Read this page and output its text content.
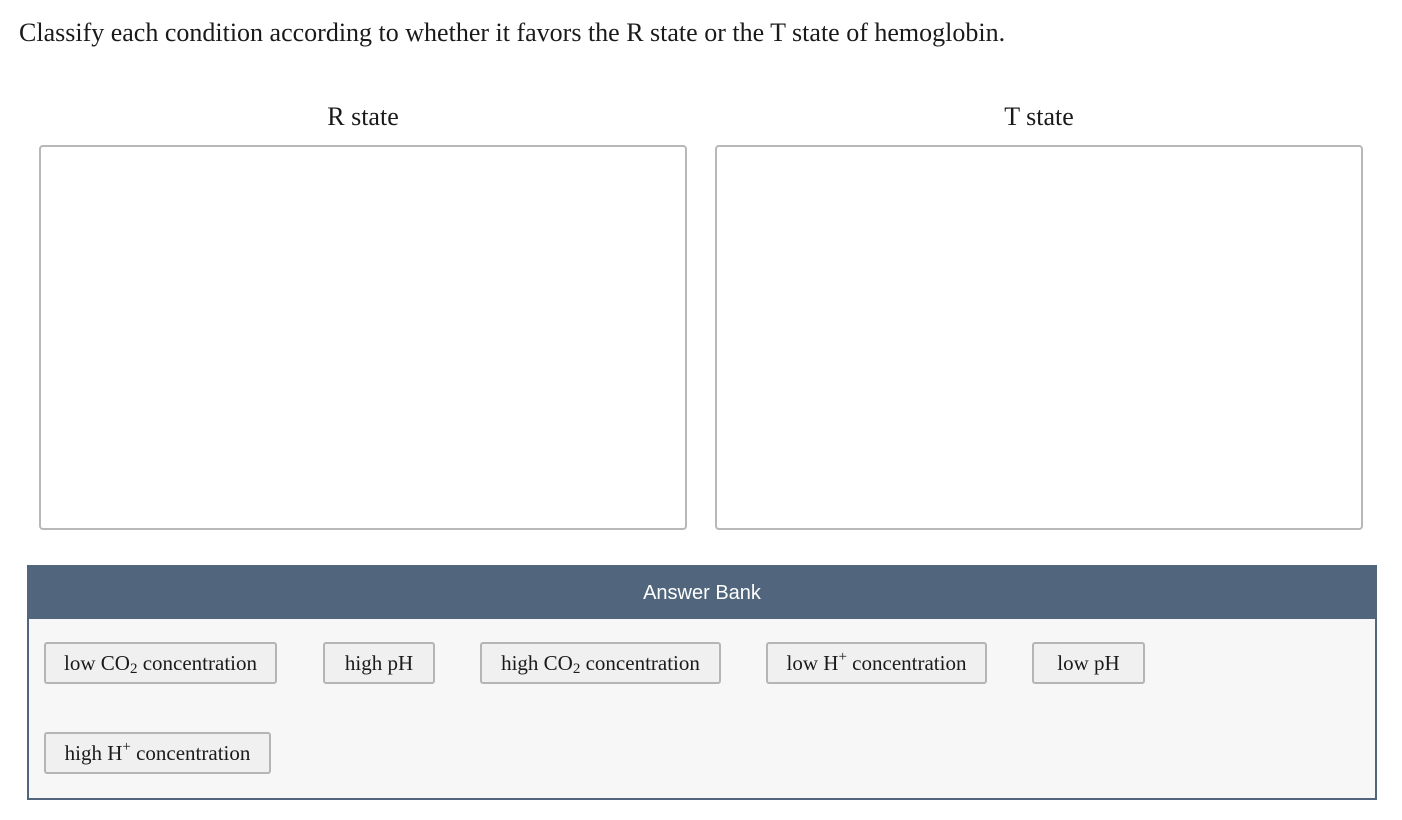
Classify each condition according to whether it favors the R state or the T state of hemoglobin.
R state	T state
Answer Bank
low $CO_2$ concentration	high pH	high $CO_2$ concentration	low H+ concentration	low pH
high H+ concentration
